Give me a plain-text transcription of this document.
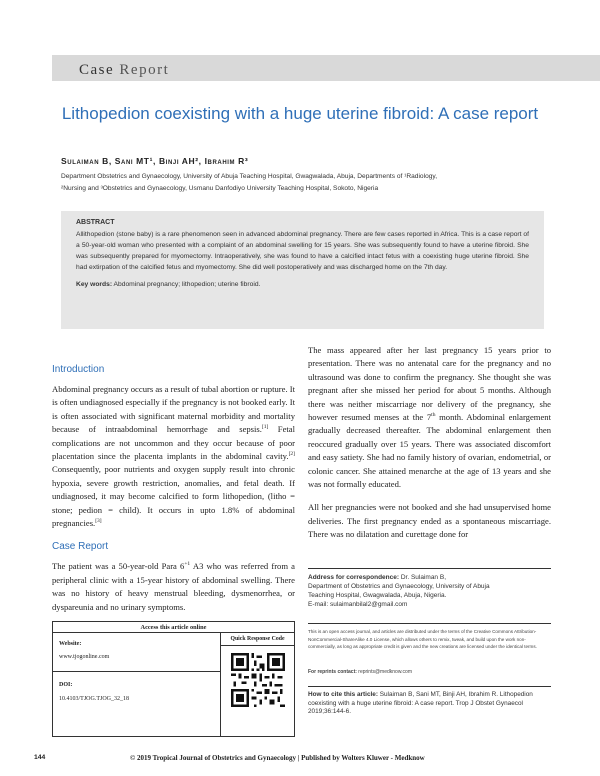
Case Report
Lithopedion coexisting with a huge uterine fibroid: A case report
Sulaiman B, Sani MT¹, Binji AH², Ibrahim R³
Department Obstetrics and Gynaecology, University of Abuja Teaching Hospital, Gwagwalada, Abuja, Departments of ¹Radiology,
²Nursing and ³Obstetrics and Gynaecology, Usmanu Danfodiyo University Teaching Hospital, Sokoto, Nigeria
ABSTRACT
Allithopedion (stone baby) is a rare phenomenon seen in advanced abdominal pregnancy. There are few cases reported in Africa. This is a case report of a 50-year-old woman who presented with a complaint of an abdominal swelling for 15 years. She was subsequently found to have a uterine fibroid. She was subsequently prepared for myomectomy. Intraoperatively, she was found to have a calcified intact fetus with a coexisting huge uterine fibroid. She had extirpation of the calcified fetus and myomectomy. She did well postoperatively and was discharged home on the 7th day.
Key words: Abdominal pregnancy; lithopedion; uterine fibroid.
Introduction
Abdominal pregnancy occurs as a result of tubal abortion or rupture. It is often undiagnosed especially if the pregnancy is not booked early. It is often associated with significant maternal morbidity and mortality because of intraabdominal hemorrhage and sepsis.[1] Fetal complications are not uncommon and they occur because of poor placentation since the placenta implants in the abdominal cavity.[2] Consequently, poor nutrients and oxygen supply result into chronic hypoxia, severe growth restriction, anomalies, and fetal death. If undiagnosed, it may become calcified to form lithopedion, (litho = stone; pedion = child). It occurs in upto 1.8% of abdominal pregnancies.[3]
Case Report
The patient was a 50-year-old Para $6^{+1}$ A3 who was referred from a peripheral clinic with a 15-year history of abdominal swelling. There was no history of heavy menstrual bleeding, dysmenorrhea, or dyspareunia and no urinary symptoms.
The mass appeared after her last pregnancy 15 years prior to presentation. There was no antenatal care for the pregnancy and no ultrasound was done to confirm the pregnancy. She thought she was pregnant after she missed her period for about 5 months. Although there was neither miscarriage nor delivery of the pregnancy, she however resumed menses at the 7th month. Abdominal enlargement gradually decreased thereafter. The abdominal enlargement then reoccured gradually over 15 years. There was associated discomfort and easy satiety. She had no family history of ovarian, endometrial, or colonic cancer. She attained menarche at the age of 13 years and she was not formally educated.
All her pregnancies were not booked and she had unsupervised home deliveries. The first pregnancy ended as a spontaneous miscarriage. There was no dilatation and curettage done for
Address for correspondence: Dr. Sulaiman B,
Department of Obstetrics and Gynaecology, University of Abuja
Teaching Hospital, Gwagwalada, Abuja, Nigeria.
E-mail: sulaimanbilal2@gmail.com
This is an open access journal, and articles are distributed under the terms of the Creative Commons Attribution-NonCommercial-ShareAlike 4.0 License, which allows others to remix, tweak, and build upon the work non-commercially, as long as appropriate credit is given and the new creations are licensed under the identical terms.
For reprints contact: reprints@medknow.com
How to cite this article: Sulaiman B, Sani MT, Binji AH, Ibrahim R. Lithopedion coexisting with a huge uterine fibroid: A case report. Trop J Obstet Gynaecol 2019;36:144-6.
Access this article online
Website:
www.tjogonline.com
DOI:
10.4103/TJOG.TJOG_32_18
Quick Response Code
144	© 2019 Tropical Journal of Obstetrics and Gynaecology | Published by Wolters Kluwer - Medknow
